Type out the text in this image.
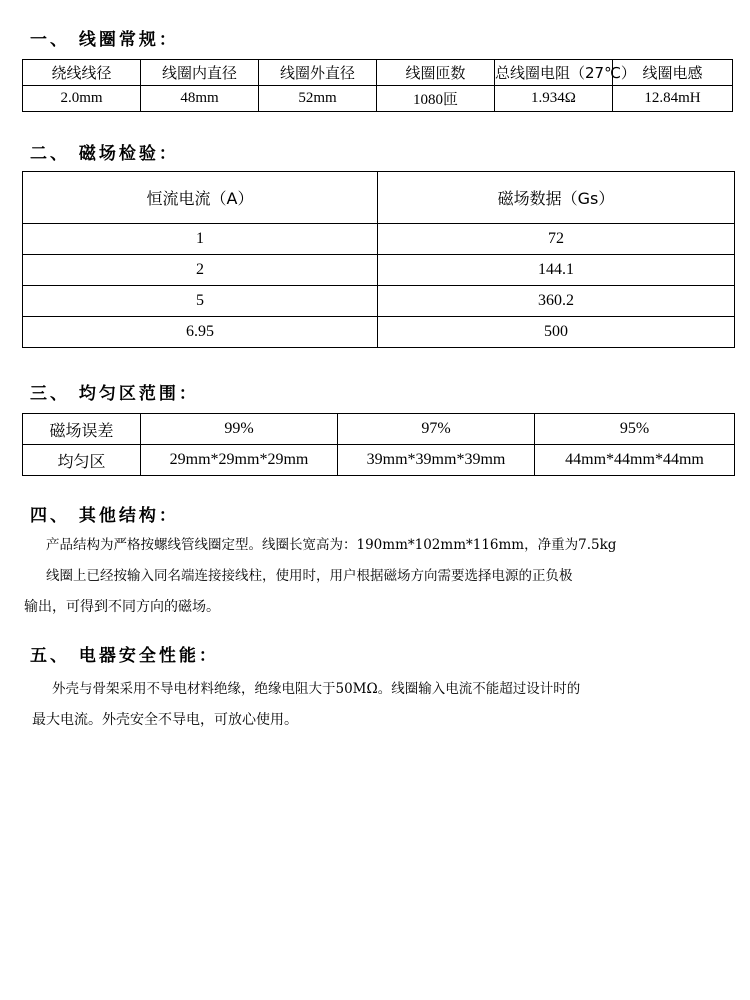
一、 线圈常规：
绕线线径	线圈内直径	线圈外直径	线圈匝数	总线圈电阻（27℃）	线圈电感
2.0mm	48mm	52mm	1080匝	1.934Ω	12.84mH
二、 磁场检验：
恒流电流（A）	磁场数据（Gs）
1	72
2	144.1
5	360.2
6.95	500
三、 均匀区范围：
磁场误差	99%	97%	95%
均匀区	29mm*29mm*29mm	39mm*39mm*39mm	44mm*44mm*44mm
四、 其他结构：
产品结构为严格按螺线管线圈定型。线圈长宽高为：190mm*102mm*116mm，净重为7.5kg
线圈上已经按输入同名端连接接线柱，使用时，用户根据磁场方向需要选择电源的正负极
输出，可得到不同方向的磁场。
五、 电器安全性能：
外壳与骨架采用不导电材料绝缘，绝缘电阻大于50MΩ。线圈输入电流不能超过设计时的
最大电流。外壳安全不导电，可放心使用。
